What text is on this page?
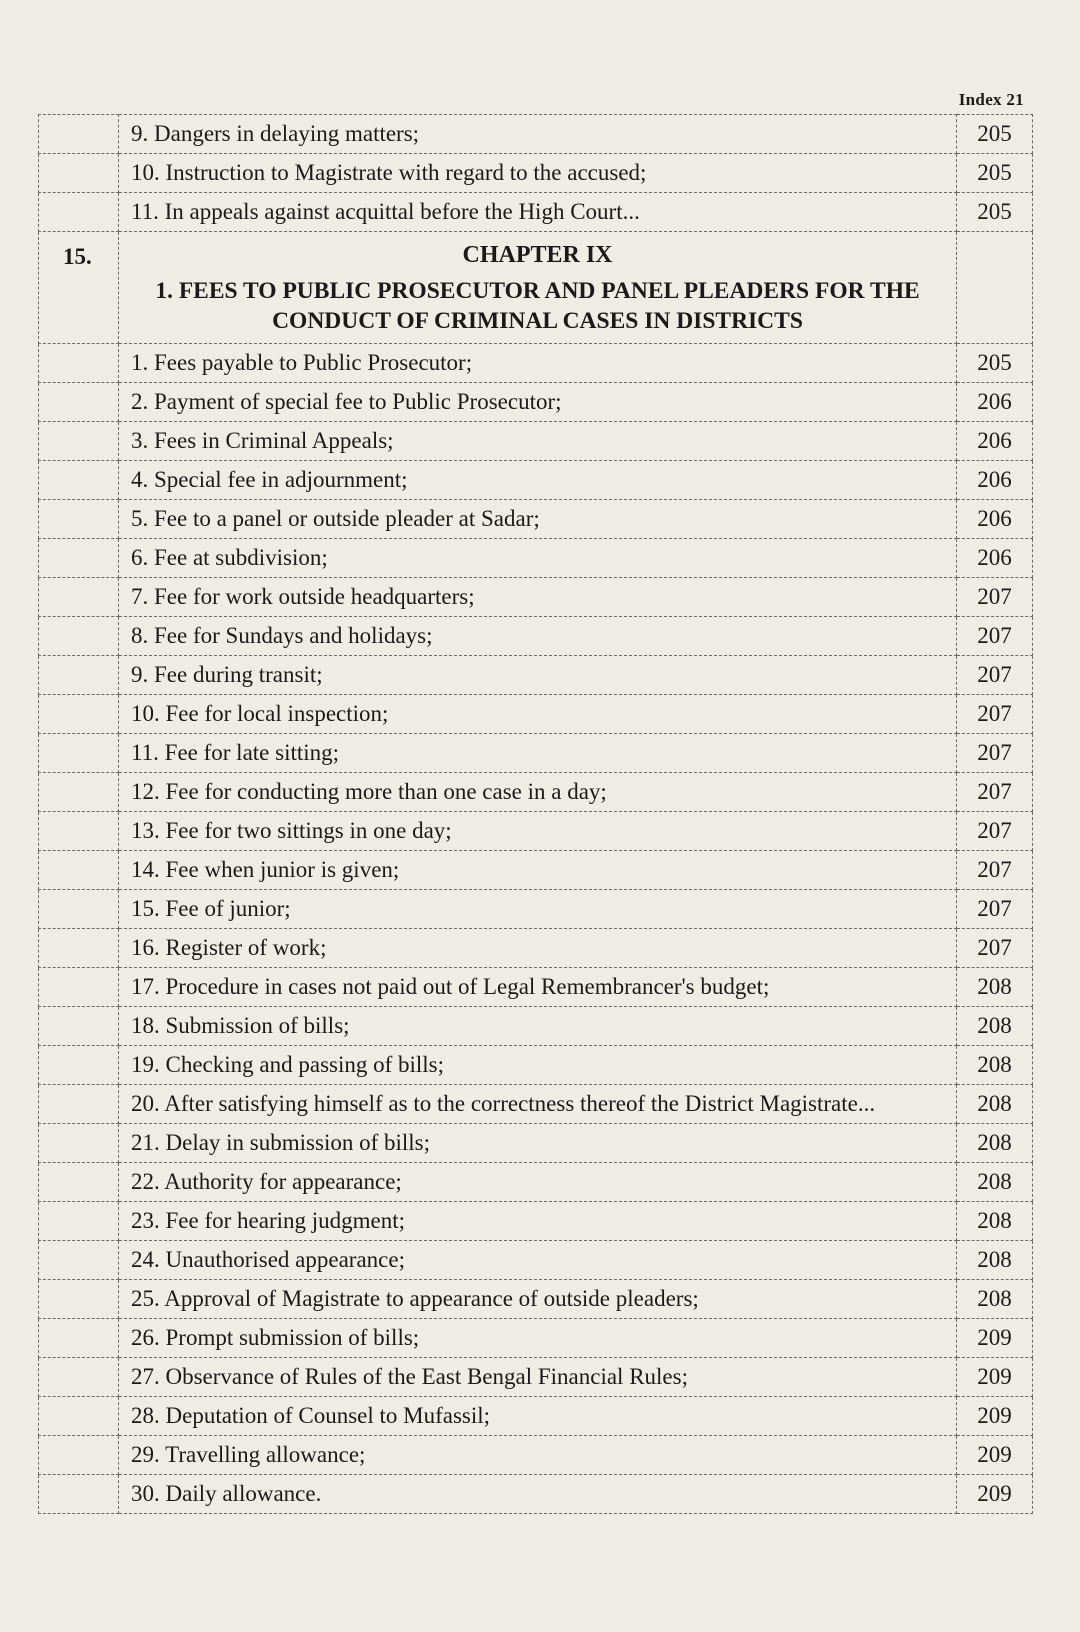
Index 21
	9. Dangers in delaying matters;	205
	10. Instruction to Magistrate with regard to the accused;	205
	11. In appeals against acquittal before the High Court...	205
15.	CHAPTER IX
1. FEES TO PUBLIC PROSECUTOR AND PANEL PLEADERS FOR THE CONDUCT OF CRIMINAL CASES IN DISTRICTS	

	1. Fees payable to Public Prosecutor;	205
	2. Payment of special fee to Public Prosecutor;	206
	3. Fees in Criminal Appeals;	206
	4. Special fee in adjournment;	206
	5. Fee to a panel or outside pleader at Sadar;	206
	6. Fee at subdivision;	206
	7. Fee for work outside headquarters;	207
	8. Fee for Sundays and holidays;	207
	9. Fee during transit;	207
	10. Fee for local inspection;	207
	11. Fee for late sitting;	207
	12. Fee for conducting more than one case in a day;	207
	13. Fee for two sittings in one day;	207
	14. Fee when junior is given;	207
	15. Fee of junior;	207
	16. Register of work;	207
	17. Procedure in cases not paid out of Legal Remembrancer's budget;	208
	18. Submission of bills;	208
	19. Checking and passing of bills;	208
	20. After satisfying himself as to the correctness thereof the District Magistrate...	208
	21. Delay in submission of bills;	208
	22. Authority for appearance;	208
	23. Fee for hearing judgment;	208
	24. Unauthorised appearance;	208
	25. Approval of Magistrate to appearance of outside pleaders;	208
	26. Prompt submission of bills;	209
	27. Observance of Rules of the East Bengal Financial Rules;	209
	28. Deputation of Counsel to Mufassil;	209
	29. Travelling allowance;	209
	30. Daily allowance.	209
